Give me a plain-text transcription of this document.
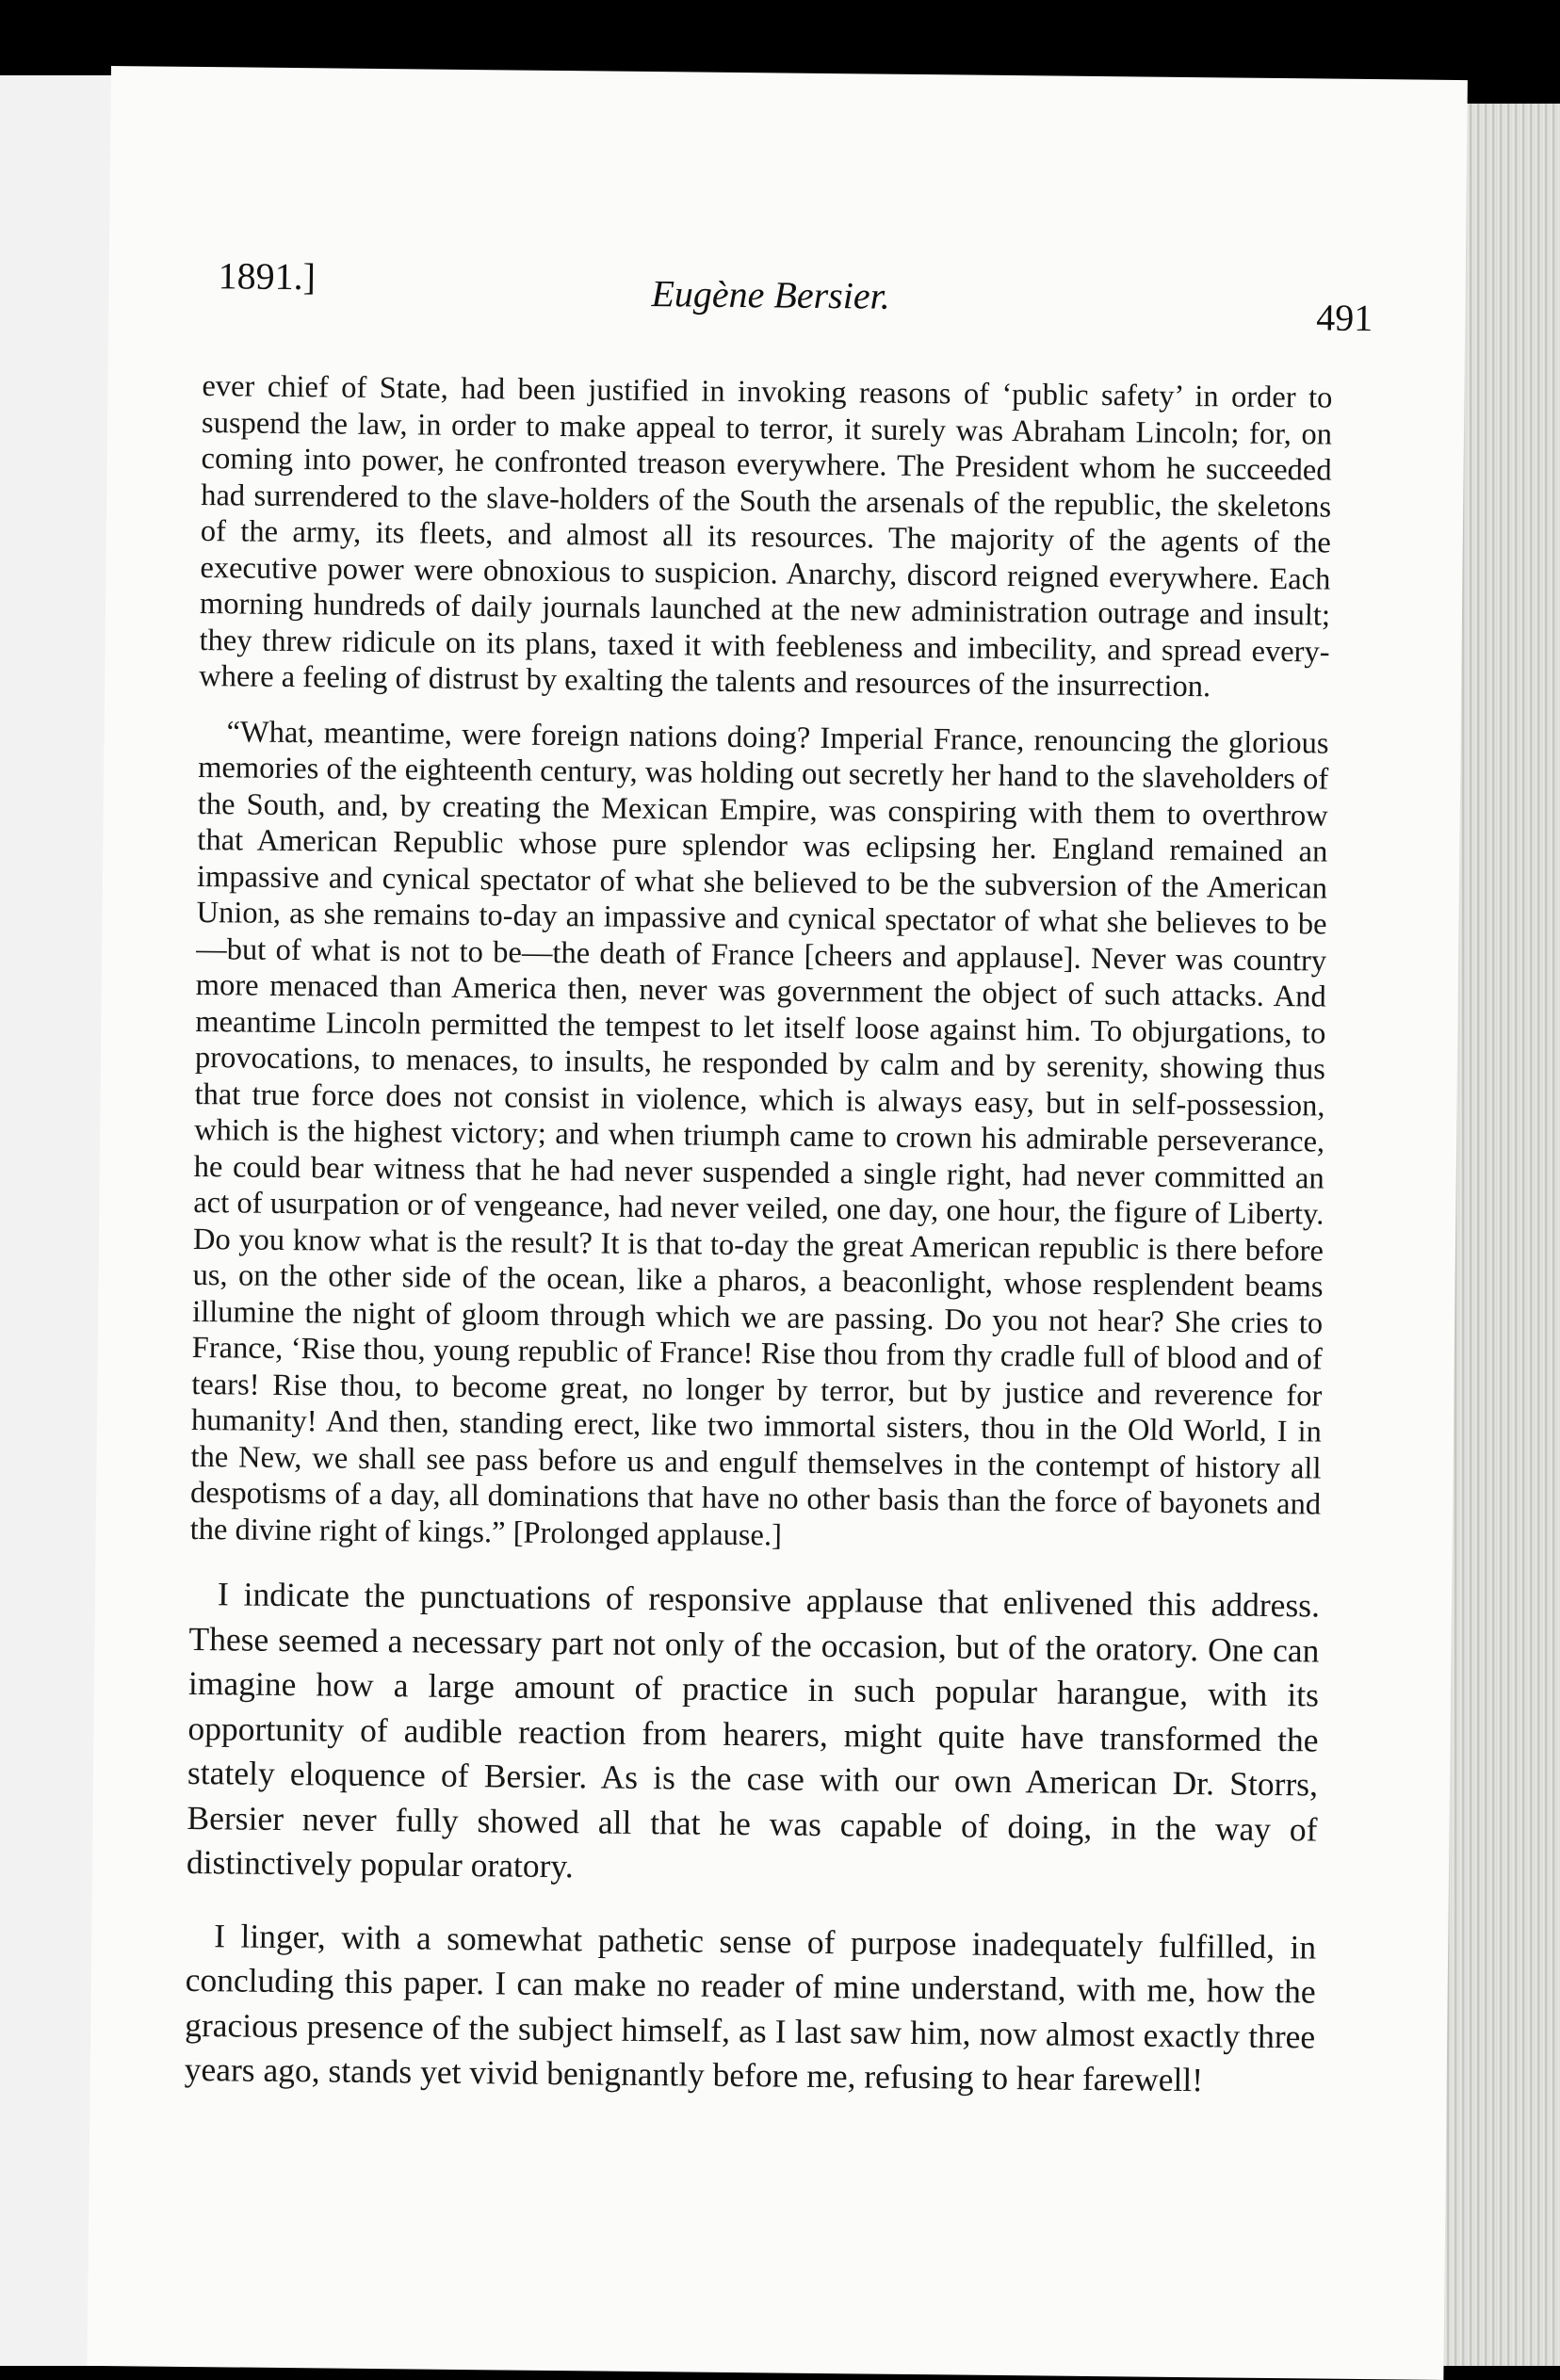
1891.]	Eugène Bersier.
491

ever chief of State, had been justified in invoking reasons of ‘public safety’ in order to suspend the law, in order to make appeal to terror, it surely was Abraham Lincoln; for, on coming into power, he confronted treason everywhere. The President whom he succeeded had surrendered to the slave-holders of the South the arsenals of the republic, the skeletons of the army, its fleets, and almost all its resources. The majority of the agents of the executive power were obnoxious to suspicion. Anarchy, discord reigned everywhere. Each morning hundreds of daily journals launched at the new administration outrage and insult; they threw ridicule on its plans, taxed it with feebleness and imbecility, and spread everywhere a feeling of distrust by exalting the talents and resources of the insurrection.

“What, meantime, were foreign nations doing? Imperial France, renouncing the glorious memories of the eighteenth century, was holding out secretly her hand to the slaveholders of the South, and, by creating the Mexican Empire, was conspiring with them to overthrow that American Republic whose pure splendor was eclipsing her. England remained an impassive and cynical spectator of what she believed to be the subversion of the American Union, as she remains to-day an impassive and cynical spectator of what she believes to be—but of what is not to be—the death of France [cheers and applause]. Never was country more menaced than America then, never was government the object of such attacks. And meantime Lincoln permitted the tempest to let itself loose against him. To objurgations, to provocations, to menaces, to insults, he responded by calm and by serenity, showing thus that true force does not consist in violence, which is always easy, but in self-possession, which is the highest victory; and when triumph came to crown his admirable perseverance, he could bear witness that he had never suspended a single right, had never committed an act of usurpation or of vengeance, had never veiled, one day, one hour, the figure of Liberty. Do you know what is the result? It is that to-day the great American republic is there before us, on the other side of the ocean, like a pharos, a beaconlight, whose resplendent beams illumine the night of gloom through which we are passing. Do you not hear? She cries to France, ‘Rise thou, young republic of France! Rise thou from thy cradle full of blood and of tears! Rise thou, to become great, no longer by terror, but by justice and reverence for humanity! And then, standing erect, like two immortal sisters, thou in the Old World, I in the New, we shall see pass before us and engulf themselves in the contempt of history all despotisms of a day, all dominations that have no other basis than the force of bayonets and the divine right of kings.” [Prolonged applause.]

I indicate the punctuations of responsive applause that enlivened this address. These seemed a necessary part not only of the occasion, but of the oratory. One can imagine how a large amount of practice in such popular harangue, with its opportunity of audible reaction from hearers, might quite have transformed the stately eloquence of Bersier. As is the case with our own American Dr. Storrs, Bersier never fully showed all that he was capable of doing, in the way of distinctively popular oratory.

I linger, with a somewhat pathetic sense of purpose inadequately fulfilled, in concluding this paper. I can make no reader of mine understand, with me, how the gracious presence of the subject himself, as I last saw him, now almost exactly three years ago, stands yet vivid benignantly before me, refusing to hear farewell!
